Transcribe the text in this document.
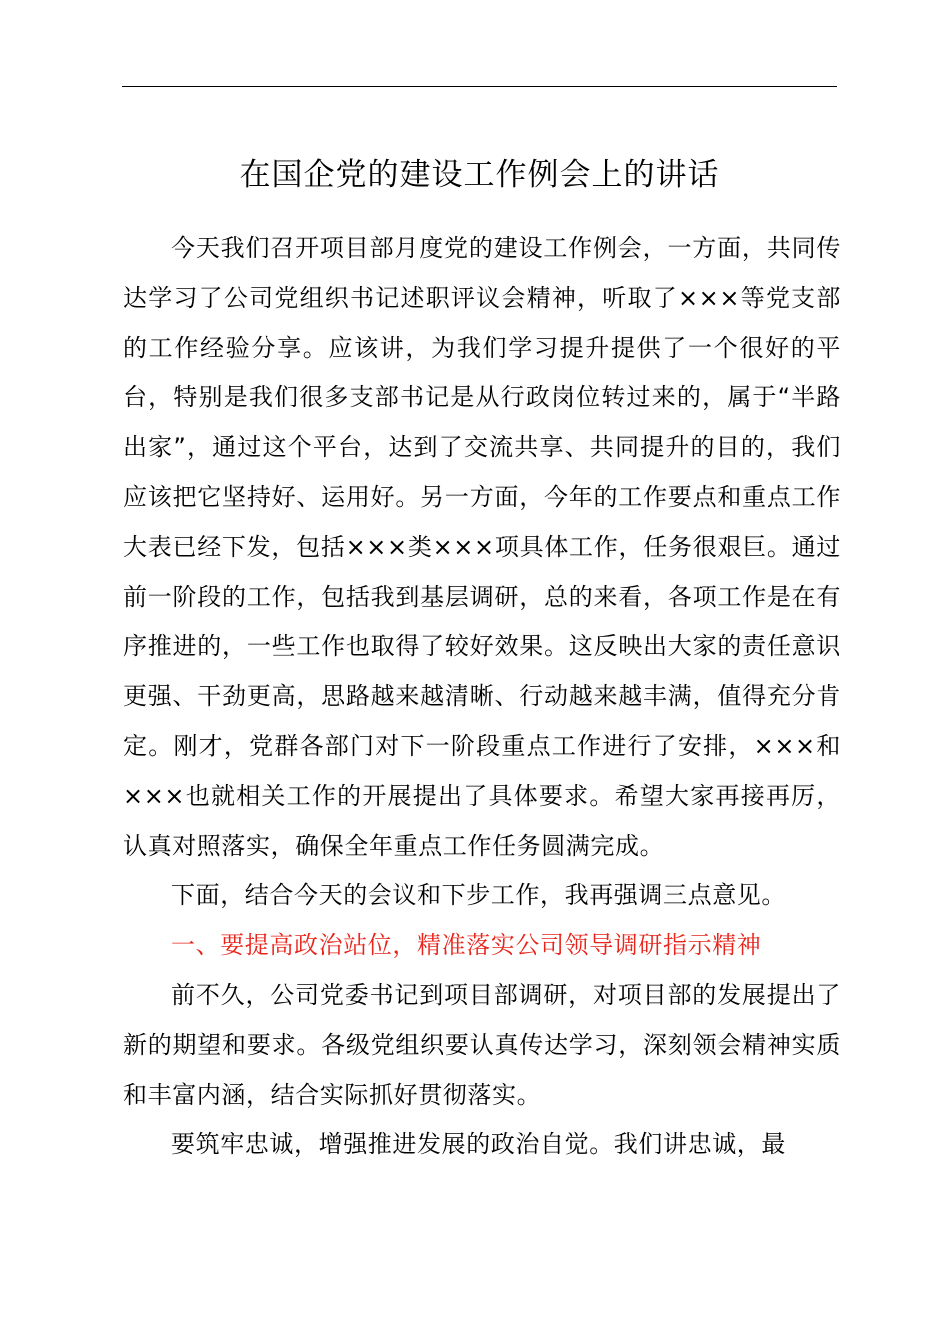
在国企党的建设工作例会上的讲话

今天我们召开项目部月度党的建设工作例会，一方面，共同传达学习了公司党组织书记述职评议会精神，听取了×××等党支部的工作经验分享。应该讲，为我们学习提升提供了一个很好的平台，特别是我们很多支部书记是从行政岗位转过来的，属于“半路出家”，通过这个平台，达到了交流共享、共同提升的目的，我们应该把它坚持好、运用好。另一方面，今年的工作要点和重点工作大表已经下发，包括×××类×××项具体工作，任务很艰巨。通过前一阶段的工作，包括我到基层调研，总的来看，各项工作是在有序推进的，一些工作也取得了较好效果。这反映出大家的责任意识更强、干劲更高，思路越来越清晰、行动越来越丰满，值得充分肯定。刚才，党群各部门对下一阶段重点工作进行了安排，×××和×××也就相关工作的开展提出了具体要求。希望大家再接再厉，认真对照落实，确保全年重点工作任务圆满完成。

下面，结合今天的会议和下步工作，我再强调三点意见。

一、要提高政治站位，精准落实公司领导调研指示精神

前不久，公司党委书记到项目部调研，对项目部的发展提出了新的期望和要求。各级党组织要认真传达学习，深刻领会精神实质和丰富内涵，结合实际抓好贯彻落实。

要筑牢忠诚，增强推进发展的政治自觉。我们讲忠诚，最
